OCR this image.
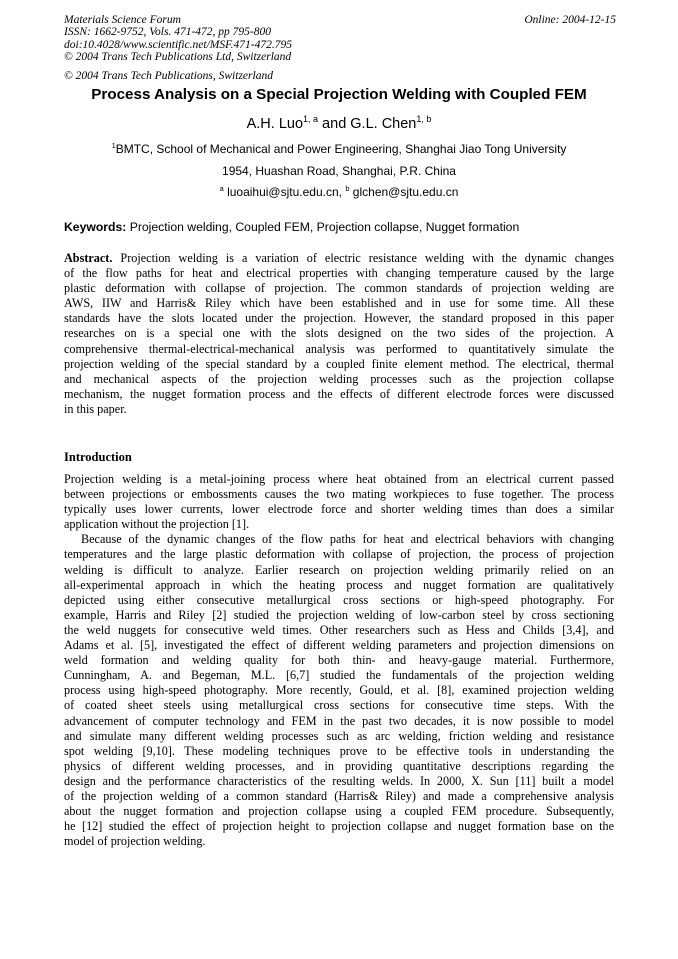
Materials Science Forum	Online: 2004-12-15
ISSN: 1662-9752, Vols. 471-472, pp 795-800
doi:10.4028/www.scientific.net/MSF.471-472.795
© 2004 Trans Tech Publications Ltd, Switzerland
© 2004 Trans Tech Publications, Switzerland
Process Analysis on a Special Projection Welding with Coupled FEM
A.H. Luo$^{1, a}$ and G.L. Chen$^{1, b}$
$^1$BMTC, School of Mechanical and Power Engineering, Shanghai Jiao Tong University
1954, Huashan Road, Shanghai, P.R. China
$^a$ luoaihui@sjtu.edu.cn, $^b$ glchen@sjtu.edu.cn
Keywords: Projection welding, Coupled FEM, Projection collapse, Nugget formation
Abstract. Projection welding is a variation of electric resistance welding with the dynamic changes
of the flow paths for heat and electrical properties with changing temperature caused by the large
plastic deformation with collapse of projection. The common standards of projection welding are
AWS, IIW and Harris& Riley which have been established and in use for some time. All these
standards have the slots located under the projection. However, the standard proposed in this paper
researches on is a special one with the slots designed on the two sides of the projection. A
comprehensive thermal-electrical-mechanical analysis was performed to quantitatively simulate the
projection welding of the special standard by a coupled finite element method. The electrical, thermal
and mechanical aspects of the projection welding processes such as the projection collapse
mechanism, the nugget formation process and the effects of different electrode forces were discussed
in this paper.
Introduction
Projection welding is a metal-joining process where heat obtained from an electrical current passed
between projections or embossments causes the two mating workpieces to fuse together. The process
typically uses lower currents, lower electrode force and shorter welding times than does a similar
application without the projection [1].
Because of the dynamic changes of the flow paths for heat and electrical behaviors with changing
temperatures and the large plastic deformation with collapse of projection, the process of projection
welding is difficult to analyze. Earlier research on projection welding primarily relied on an
all-experimental approach in which the heating process and nugget formation are qualitatively
depicted using either consecutive metallurgical cross sections or high-speed photography. For
example, Harris and Riley [2] studied the projection welding of low-carbon steel by cross sectioning
the weld nuggets for consecutive weld times. Other researchers such as Hess and Childs [3,4], and
Adams et al. [5], investigated the effect of different welding parameters and projection dimensions on
weld formation and welding quality for both thin- and heavy-gauge material. Furthermore,
Cunningham, A. and Begeman, M.L. [6,7] studied the fundamentals of the projection welding
process using high-speed photography. More recently, Gould, et al. [8], examined projection welding
of coated sheet steels using metallurgical cross sections for consecutive time steps. With the
advancement of computer technology and FEM in the past two decades, it is now possible to model
and simulate many different welding processes such as arc welding, friction welding and resistance
spot welding [9,10]. These modeling techniques prove to be effective tools in understanding the
physics of different welding processes, and in providing quantitative descriptions regarding the
design and the performance characteristics of the resulting welds. In 2000, X. Sun [11] built a model
of the projection welding of a common standard (Harris& Riley) and made a comprehensive analysis
about the nugget formation and projection collapse using a coupled FEM procedure. Subsequently,
he [12] studied the effect of projection height to projection collapse and nugget formation base on the
model of projection welding.
